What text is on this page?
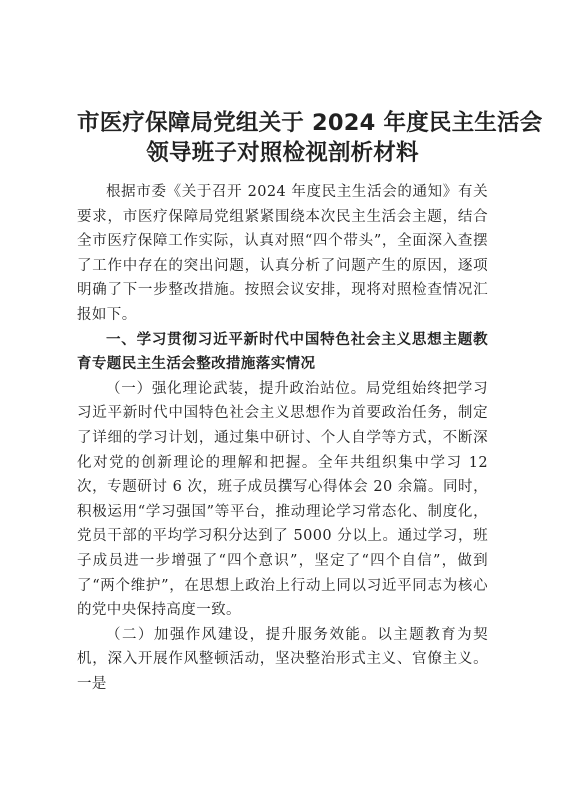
市医疗保障局党组关于 2024 年度民主生活会
领导班子对照检视剖析材料

根据市委《关于召开 2024 年度民主生活会的通知》有关要求，市医疗保障局党组紧紧围绕本次民主生活会主题，结合全市医疗保障工作实际，认真对照“四个带头”，全面深入查摆了工作中存在的突出问题，认真分析了问题产生的原因，逐项明确了下一步整改措施。按照会议安排，现将对照检查情况汇报如下。

一、学习贯彻习近平新时代中国特色社会主义思想主题教育专题民主生活会整改措施落实情况

（一）强化理论武装，提升政治站位。局党组始终把学习习近平新时代中国特色社会主义思想作为首要政治任务，制定了详细的学习计划，通过集中研讨、个人自学等方式，不断深化对党的创新理论的理解和把握。全年共组织集中学习 12 次，专题研讨 6 次，班子成员撰写心得体会 20 余篇。同时，积极运用“学习强国”等平台，推动理论学习常态化、制度化，党员干部的平均学习积分达到了 5000 分以上。通过学习，班子成员进一步增强了“四个意识”，坚定了“四个自信”，做到了“两个维护”，在思想上政治上行动上同以习近平同志为核心的党中央保持高度一致。

（二）加强作风建设，提升服务效能。以主题教育为契机，深入开展作风整顿活动，坚决整治形式主义、官僚主义。一是
